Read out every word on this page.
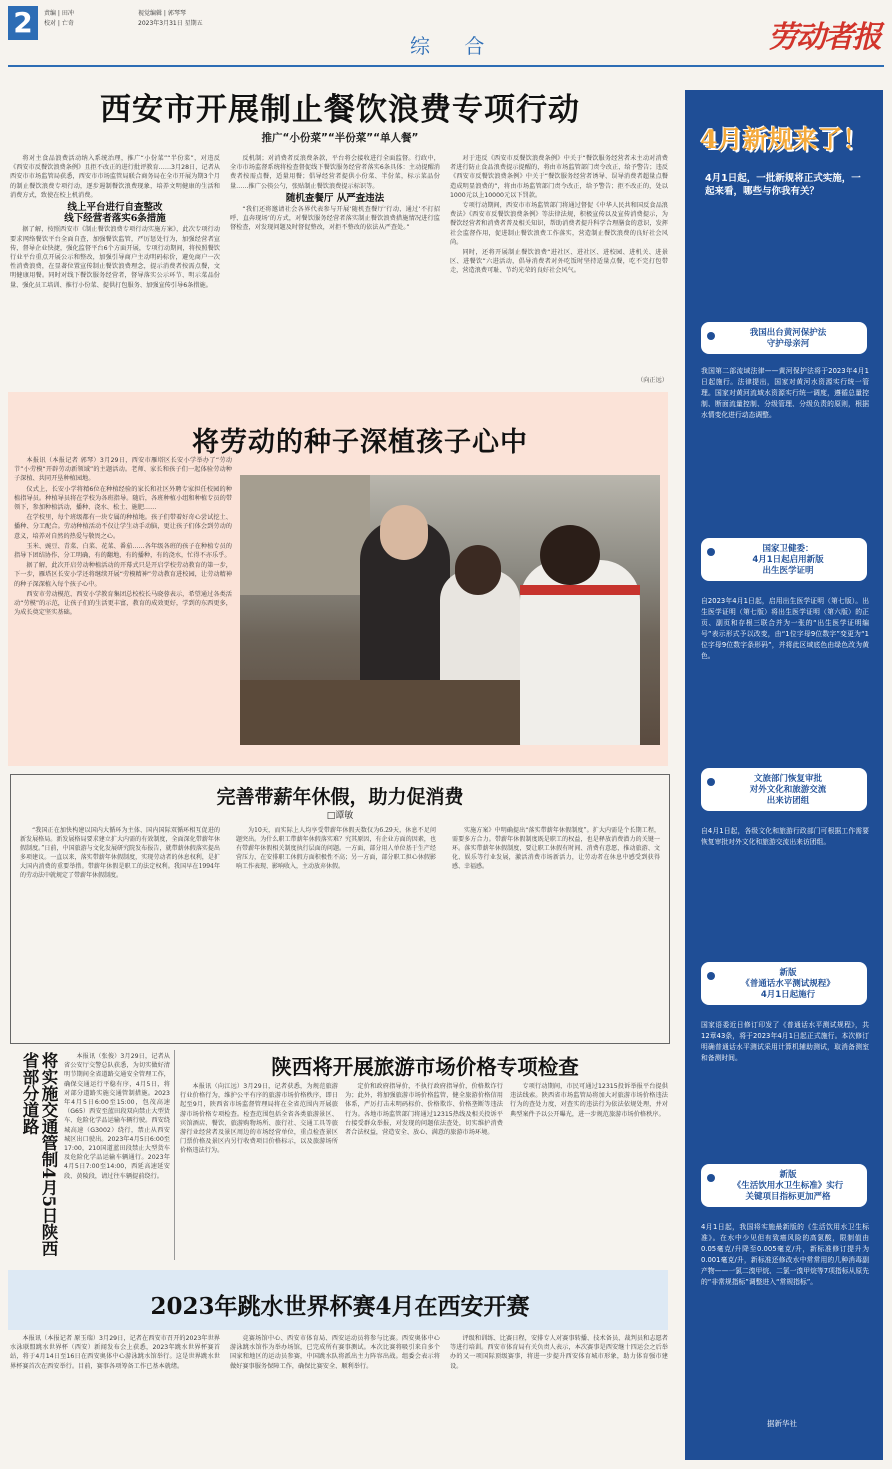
2	责编 | 田冲
校对 | 亡奇
视觉编辑 | 郭琴琴
2023年3月31日 星期五
综 合	劳动者报
西安市开展制止餐饮浪费专项行动
推广“小份菜”“半份菜”“单人餐”

将对主食品浪费活动纳入系统治理，推广“小份菜”“半份菜”，对违反《西安市反餐饮浪费条例》且拒不改正的进行批评教育……3月28日，记者从西安市市场监管局获悉，西安市市场监管局联合商务局在全市开展为期3个月的制止餐饮浪费专项行动，逐步遏制餐饮浪费现象，培养文明健康的生活和消费方式，致使在校上机消费。

线上平台进行自查整改
线下经营者落实6条措施

据了解，按照西安市《制止餐饮浪费专项行动实施方案》，此次专项行动要求网络餐饮平台全面自查，加强餐饮监管，严厉惩处行为，加强经营者宣传，督导企业快捷，强化监督平台6个方面开展，专项行动期间，将按照餐饮行业平台重点开展公示和整改，加强引导商户主动明码标价，避免商户一次性消费浪费，在显著位置宣传制止餐饮浪费理念，提示消费者按需点餐，文明健康用餐。同时对线下餐饮服务经营者，督导落实公示环节、明示菜品份量、强化员工培训、推行小份菜、提供打包服务、加强宣传引导6条措施。

反机制；对消费者反浪费条款，平台将会接收进行全面监督。行政中，全市市场监督系统将检查督促线下餐饮服务经营者落实6条具体：主动提醒消费者按需点餐，适量用餐；倡导经营者提供小份菜、半份菜，标示菜品份量……推广公筷公勺，张贴制止餐饮浪费提示标识等。

随机查餐厅 从严查违法

“我们还将邀请社会各界代表参与开展‘随机查餐厅’行动，通过‘不打招呼、直奔现场’的方式，对餐饮服务经营者落实制止餐饮浪费措施情况进行监督检查，对发现问题及时督促整改，对拒不整改的依法从严查处。”

对于违反《西安市反餐饮浪费条例》中关于“餐饮服务经营者未主动对消费者进行防止食品浪费提示提醒的，将由市场监管部门责令改正，给予警告；违反《西安市反餐饮浪费条例》中关于“餐饮服务经营者诱导、误导消费者超量点餐造成明显浪费的”，将由市场监管部门责令改正，给予警告；拒不改正的，处以1000元以上10000元以下罚款。

专项行动期间，西安市市场监管部门将通过督促《中华人民共和国反食品浪费法》《西安市反餐饮浪费条例》等法律法规，积极宣传以及宣传消费提示，为餐饮经营者和消费者普及相关知识，帮助消费者提升科学合理膳食的意识，发挥社会监督作用，促进制止餐饮浪费工作落实，营造制止餐饮浪费的良好社会风尚。

同时，还将开展制止餐饮浪费“进社区、进社区、进校园、进机关、进景区、进餐饮”六进活动，倡导消费者对外吃饭时坚持适量点餐，吃不完打包带走，营造浪费可耻、节约光荣的良好社会风气。

（向正远）
将劳动的种子深植孩子心中

本报讯（本报记者 郭琴）3月29日，西安市雁塔区长安小学举办了“劳动节”小劳模“开辟劳动新领域”的主题活动。老师、家长和孩子们一起体验劳动种子深植、共同开垦种植园地。

仪式上，长安小学将精6位在种植经验的家长和社区外聘专家担任校园的种植指导员。种植导员将在学校为各班指导。随后，各班种植小组和种植专员的带领下，参加种植活动，播种、浇水、松土、施肥……

在学校里，每个班级都有一块专属的种植地。孩子们带着好奇心尝试挖土、播种、分工配合。劳动种植活动不仅让学生动手动脑，更让孩子们体会到劳动的意义，培养对自然的热爱与敬畏之心。

玉米、豌豆、青菜、白菜、花菜、番茄……各年级各班的孩子在种植专员的指导下团结协作、分工明确，有的翻地，有的播种，有的浇水，忙得不亦乐乎。

据了解，此次开启劳动种植活动的开幕式只是开启学校劳动教育的第一步，下一步，雁塔区长安小学还将继续开展“劳模精神”劳动教育进校园，让劳动精神的种子深深植入每个孩子心中。

西安市劳动模范、西安小学教育集团总校校长马晓蓉表示，希望通过各类活动“劳模”的示范，让孩子们的生活更丰富，教育的成效更好，学到的东西更多，为成长奠定坚实基础。

完善带薪年休假，助力促消费
□谭敏

“我国正在加快构建以国内大循环为主体、国内国际双循环相互促进的新发展格局。新发展格局要求建立扩大内需的有效制度，全面深化带薪年休假制度。”日前，中国旅游与文化发展研究院发布报告，就带薪休假落实提出多项建议。一直以来，落实带薪年休假制度，实现劳动者的休息权利，是扩大国内消费的重要举措。带薪年休假是职工的法定权利。我国早在1994年的劳动法中就规定了带薪年休假制度。

为10天，而实际上人均享受带薪年休假天数仅为6.29天，休息不足问题突出。为什么职工带薪年休假落实难？究其原因，有企业方面的因素，也有带薪年休假相关制度执行层面的问题。一方面，部分用人单位基于生产经营压力，在安排职工休假方面积极性不高；另一方面，部分职工担心休假影响工作表现、影响收入，主动放弃休假。

实施方案》中明确提出“落实带薪年休假制度”。扩大内需是个长期工程，需要多方合力。带薪年休假制度既是职工的权益，也是释放消费潜力的关键一环。落实带薪年休假制度，要让职工休假有时间、消费有意愿，推动旅游、文化、娱乐等行业发展，激活消费市场新活力，让劳动者在休息中感受到获得感、幸福感。

将实施交通管制4月5日陕西省部分道路	本报讯（张俊）3月29日，记者从省公安厅交警总队获悉，为切实做好清明节期间全省道路交通安全管理工作，确保交通运行平稳有序，4月5日，将对部分道路实施交通管制措施。2023年4月5日6:00至15:00，包茂高速（G65）西安至蓝田段双向禁止大型货车、危险化学品运输车辆行驶。西安绕城高速（G3002）绕行，禁止从西安城区出口驶出。2023年4月5日6:00至17:00，210国道蓝田段禁止大型货车及危险化学品运输车辆通行。2023年4月5日7:00至14:00，西延高速延安段、黄陵段，请过往车辆提前绕行。

陕西将开展旅游市场价格专项检查

本报讯（向江远）3月29日，记者获悉，为规范旅游行业价格行为，维护公平有序的旅游市场价格秩序，即日起至9月，陕西省市场监督管理局将在全省范围内开展旅游市场价格专项检查。检查范围包括全省各类旅游景区、宾馆酒店、餐饮、旅游购物场所、旅行社、交通工具等旅游行业经营者及景区周边的市场经营单位，重点检查景区门票价格及景区内另行收费项目价格标示，以及旅游场所价格违法行为。

定价和政府指导价，不执行政府指导价，价格欺诈行为；此外，将加强旅游市场价格监管，健全旅游价格信用体系，严厉打击未明码标价、价格欺诈、价格垄断等违法行为。各地市场监管部门将通过12315热线及相关投诉平台接受群众举报，对发现的问题依法查处，切实维护消费者合法权益，营造安全、放心、满意的旅游市场环境。

专项行动期间，市民可通过12315投诉举报平台提供违法线索。陕西省市场监管局将加大对旅游市场价格违法行为的查处力度，对查实的违法行为依法依规处理，并对典型案件予以公开曝光，进一步规范旅游市场价格秩序。

2023年跳水世界杯赛4月在西安开赛

本报讯（本报记者 原玉瑞）3月29日，记者在西安市召开的2023年世界水泳联盟跳水世界杯（西安）新闻发布会上获悉，2023年跳水世界杯赛首站，将于4月14日至16日在西安奥体中心游泳跳水馆举行。这是世界跳水世界杯赛首次在西安举行。目前，赛事各项筹备工作已基本就绪。

竞赛场馆中心、西安市体育局、西安运动员将参与比赛。西安奥体中心游泳跳水馆作为举办场馆，已完成所有赛事测试。本次比赛将吸引来自多个国家和地区的运动员参赛，中国跳水队将派出主力阵容出战。组委会表示将做好赛事服务保障工作，确保比赛安全、顺利举行。

评级和训练、比赛日程，安排专人对赛事转播、技术备员、裁判员和志愿者等进行培训。西安市体育局有关负责人表示，本次赛事是西安继十四运会之后举办的又一项国际顶级赛事，将进一步提升西安体育城市形象，助力体育强市建设。

4月新规来了！
4月1日起，一批新规将正式实施，一起来看，哪些与你我有关？
我国出台黄河保护法
守护母亲河
我国第二部流域法律——黄河保护法将于2023年4月1日起施行。法律提出，国家对黄河水资源实行统一管理。国家对黄河流域水资源实行统一调度，遵循总量控制、断面流量控制、分级管理、分级负责的原则，根据水情变化进行动态调整。
国家卫健委：
4月1日起启用新版
出生医学证明
自2023年4月1日起，启用出生医学证明（第七版）。出生医学证明（第七版）将出生医学证明（第六版）的正页、副页和存根三联合并为一张的“出生医学证明编号”表示形式予以改变，由“1位字母9位数字”变更为“1位字母9位数字条形码”，并将此区域底色由绿色改为黄色。
文旅部门恢复审批
对外文化和旅游交流
出来访团组
自4月1日起，各级文化和旅游行政部门可根据工作需要恢复审批对外文化和旅游交流出来访团组。
新版
《普通话水平测试规程》
4月1日起施行
国家语委近日修订印发了《普通话水平测试规程》，共12章43条，将于2023年4月1日起正式施行。本次修订明确普通话水平测试采用计算机辅助测试，取消备测室和备测时间。
新版
《生活饮用水卫生标准》实行
关键项目指标更加严格
4月1日起，我国将实施最新版的《生活饮用水卫生标准》。在水中少见但有致癌风险的高氯酸，限制值由0.05毫克/升降至0.005毫克/升，新标准修订提升为0.001毫克/升，新标准还修改水中常常用的几种消毒副产物——一氯二溴甲烷、二氯一溴甲烷等7项指标从原先的“非常规指标”调整进入“常规指标”。
据新华社
